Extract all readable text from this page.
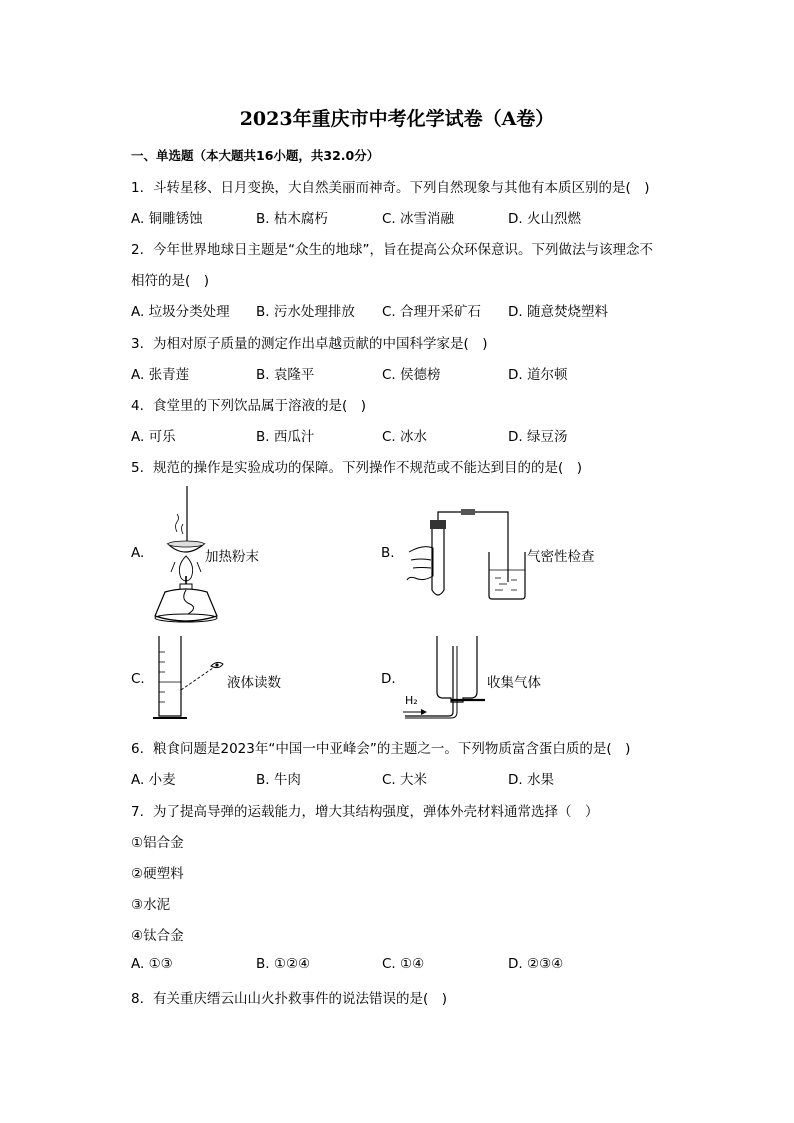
2023年重庆市中考化学试卷（A卷）
一、单选题（本大题共16小题，共32.0分）
1. 斗转星移、日月变换，大自然美丽而神奇。下列自然现象与其他有本质区别的是(　)
A. 铜雕锈蚀	B. 枯木腐朽	C. 冰雪消融	D. 火山烈燃
2. 今年世界地球日主题是“众生的地球”，旨在提高公众环保意识。下列做法与该理念不
相符的是(　)
A. 垃圾分类处理 B. 污水处理排放 C. 合理开采矿石 D. 随意焚烧塑料
3. 为相对原子质量的测定作出卓越贡献的中国科学家是(　)
A. 张青莲	B. 袁隆平	C. 侯德榜	D. 道尔顿
4. 食堂里的下列饮品属于溶液的是(　)
A. 可乐	B. 西瓜汁	C. 冰水	D. 绿豆汤
5. 规范的操作是实验成功的保障。下列操作不规范或不能达到目的的是(　)
A.	加热粉末	B.	气密性检查
C.	液体读数	D.	收集气体
H₂
6. 粮食问题是2023年“中国一中亚峰会”的主题之一。下列物质富含蛋白质的是(　)
A. 小麦	B. 牛肉	C. 大米	D. 水果
7. 为了提高导弹的运载能力，增大其结构强度，弹体外壳材料通常选择（　）
①铝合金
②硬塑料
③水泥
④钛合金
A. ①③	B. ①②④	C. ①④	D. ②③④
8. 有关重庆缙云山山火扑救事件的说法错误的是(　)
